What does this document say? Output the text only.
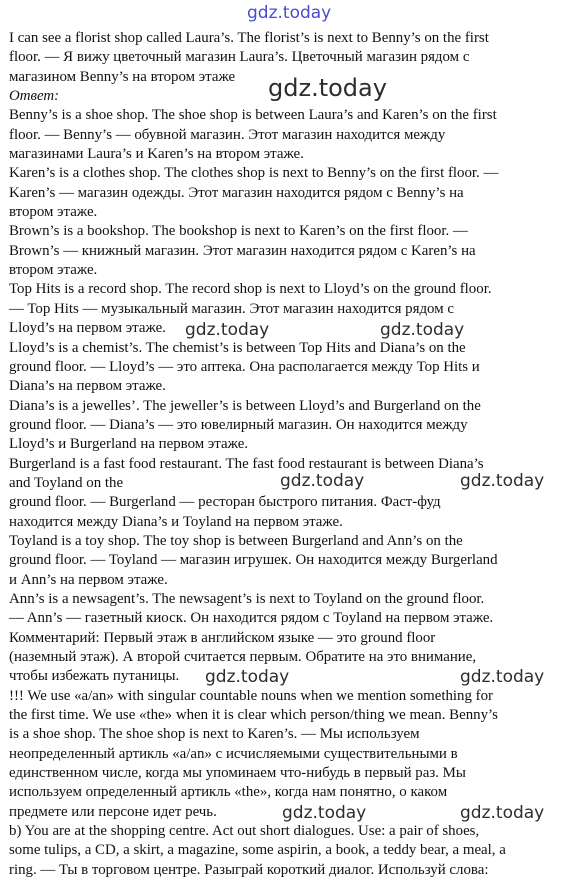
gdz.today
I can see a florist shop called Laura’s. The florist’s is next to Benny’s on the first
floor. — Я вижу цветочный магазин Laura’s. Цветочный магазин рядом с
магазином Benny’s на втором этаже
Ответ:
Benny’s is a shoe shop. The shoe shop is between Laura’s and Karen’s on the first
floor. — Benny’s — обувной магазин. Этот магазин находится между
магазинами Laura’s и Karen’s на втором этаже.
Karen’s is a clothes shop. The clothes shop is next to Benny’s on the first floor. —
Karen’s — магазин одежды. Этот магазин находится рядом с Benny’s на
втором этаже.
Brown’s is a bookshop. The bookshop is next to Karen’s on the first floor. —
Brown’s — книжный магазин. Этот магазин находится рядом с Karen’s на
втором этаже.
Top Hits is a record shop. The record shop is next to Lloyd’s on the ground floor.
— Top Hits — музыкальный магазин. Этот магазин находится рядом с
Lloyd’s на первом этаже.
Lloyd’s is a chemist’s. The chemist’s is between Top Hits and Diana’s on the
ground floor. — Lloyd’s — это аптека. Она располагается между Top Hits и
Diana’s на первом этаже.
Diana’s is a jewelles’. The jeweller’s is between Lloyd’s and Burgerland on the
ground floor. — Diana’s — это ювелирный магазин. Он находится между
Lloyd’s и Burgerland на первом этаже.
Burgerland is a fast food restaurant. The fast food restaurant is between Diana’s
and Toyland on the
ground floor. — Burgerland — ресторан быстрого питания. Фаст-фуд
находится между Diana’s и Toyland на первом этаже.
Toyland is a toy shop. The toy shop is between Burgerland and Ann’s on the
ground floor. — Toyland — магазин игрушек. Он находится между Burgerland
и Ann’s на первом этаже.
Ann’s is a newsagent’s. The newsagent’s is next to Toyland on the ground floor.
— Ann’s — газетный киоск. Он находится рядом с Toyland на первом этаже.
Комментарий: Первый этаж в английском языке — это ground floor
(наземный этаж). А второй считается первым. Обратите на это внимание,
чтобы избежать путаницы.
!!! We use «a/an» with singular countable nouns when we mention something for
the first time. We use «the» when it is clear which person/thing we mean. Benny’s
is a shoe shop. The shoe shop is next to Karen’s. — Мы используем
неопределенный артикль «a/an» с исчисляемыми существительными в
единственном числе, когда мы упоминаем что-нибудь в первый раз. Мы
используем определенный артикль «the», когда нам понятно, о каком
предмете или персоне идет речь.
b) You are at the shopping centre. Act out short dialogues. Use: a pair of shoes,
some tulips, a CD, a skirt, a magazine, some aspirin, a book, a teddy bear, a meal, a
ring. — Ты в торговом центре. Разыграй короткий диалог. Используй слова:
gdz.today
gdz.today	gdz.today
gdz.today	gdz.today
gdz.today	gdz.today
gdz.today	gdz.today
